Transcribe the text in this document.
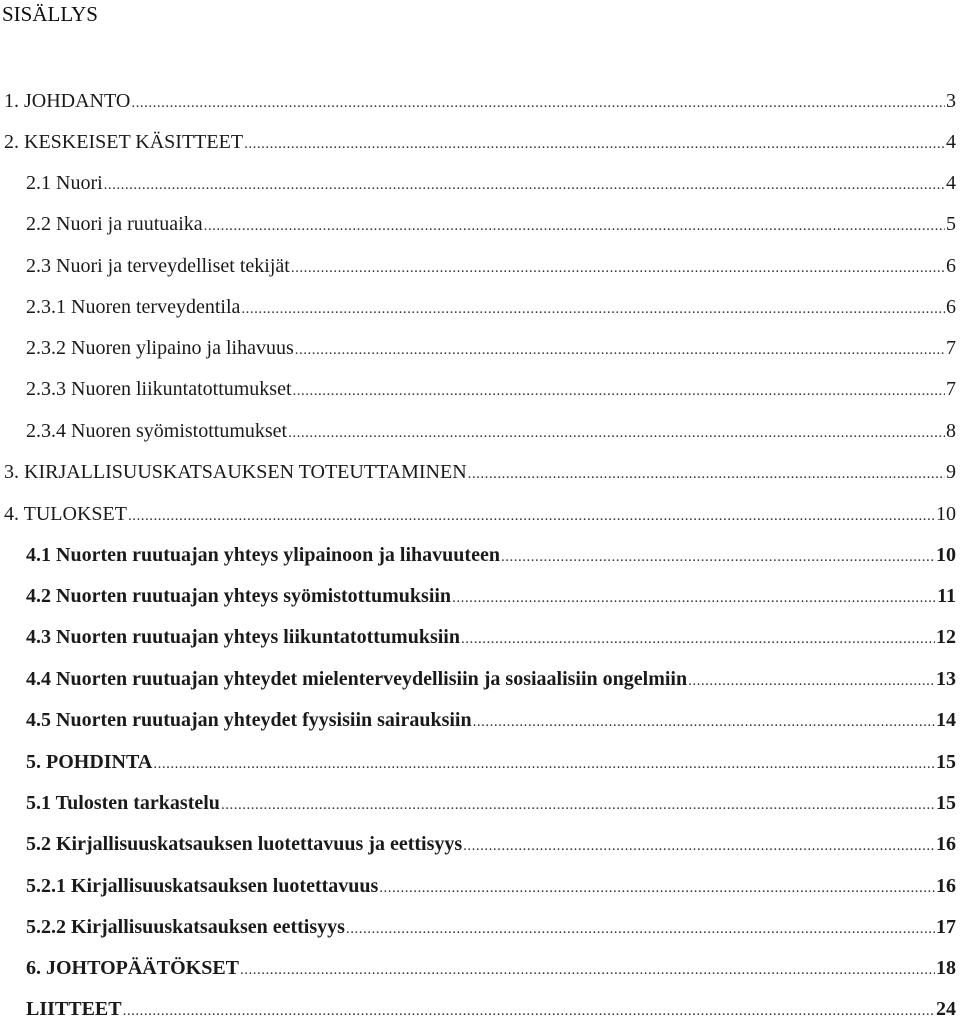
SISÄLLYS
1. JOHDANTO .....	3
2. KESKEISET KÄSITTEET .....	4
2.1 Nuori .....	4
2.2 Nuori ja ruutuaika .....	5
2.3 Nuori ja terveydelliset tekijät .....	6
2.3.1 Nuoren terveydentila .....	6
2.3.2 Nuoren ylipaino ja lihavuus .....	7
2.3.3 Nuoren liikuntatottumukset .....	7
2.3.4 Nuoren syömistottumukset .....	8
3. KIRJALLISUUSKATSAUKSEN TOTEUTTAMINEN .....	9
4. TULOKSET .....	10
4.1 Nuorten ruutuajan yhteys ylipainoon ja lihavuuteen .....	10
4.2 Nuorten ruutuajan yhteys syömistottumuksiin .....	11
4.3 Nuorten ruutuajan yhteys liikuntatottumuksiin .....	12
4.4 Nuorten ruutuajan yhteydet mielenterveydellisiin ja sosiaalisiin ongelmiin .....	13
4.5 Nuorten ruutuajan yhteydet fyysisiin sairauksiin .....	14
5. POHDINTA .....	15
5.1 Tulosten tarkastelu .....	15
5.2 Kirjallisuuskatsauksen luotettavuus ja eettisyys .....	16
5.2.1 Kirjallisuuskatsauksen luotettavuus .....	16
5.2.2 Kirjallisuuskatsauksen eettisyys .....	17
6. JOHTOPÄÄTÖKSET .....	18
LIITTEET .....	24
